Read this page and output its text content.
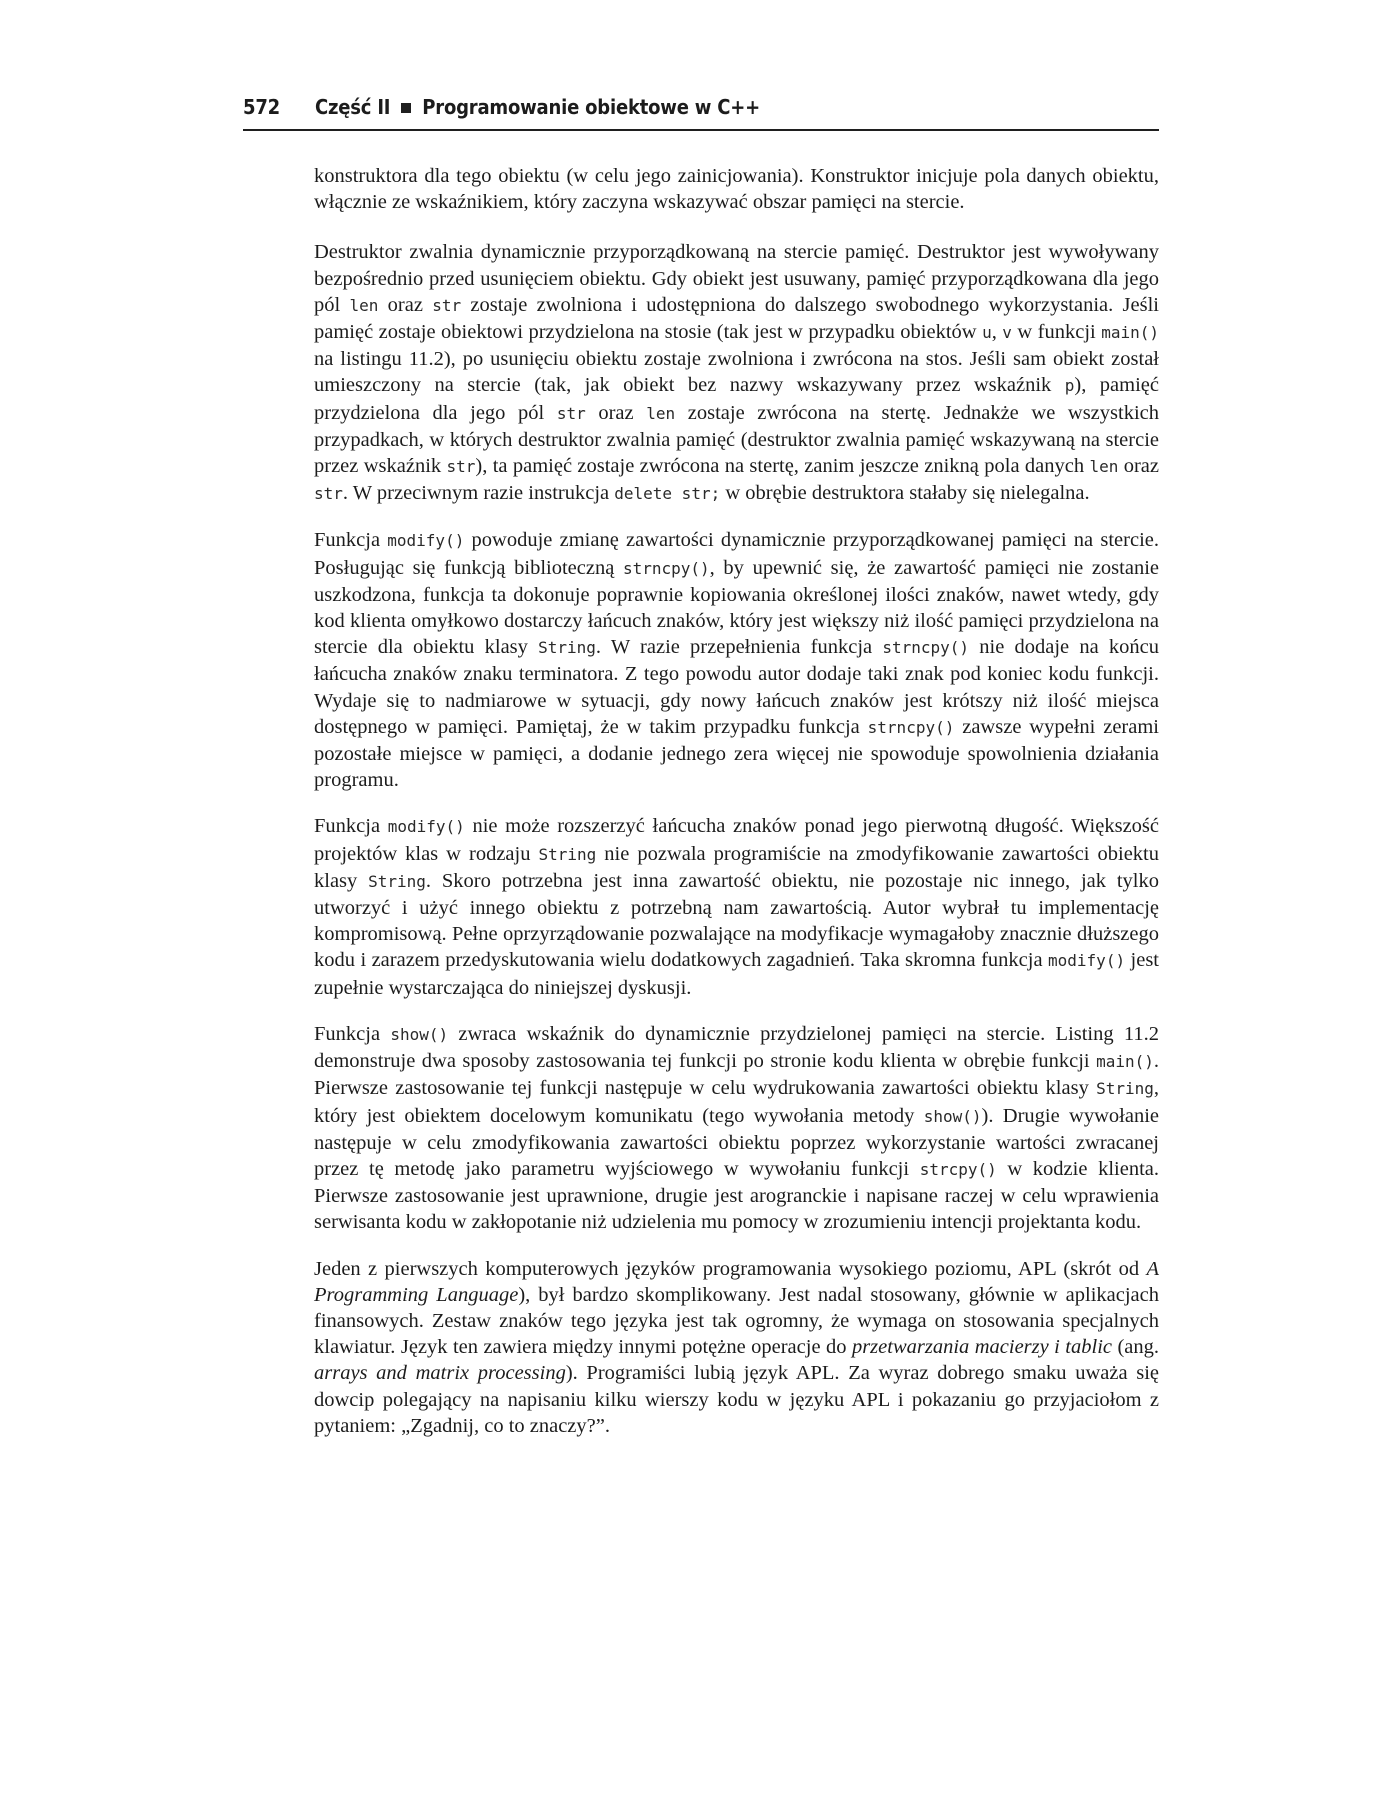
572	Część II Programowanie obiektowe w C++

konstruktora dla tego obiektu (w celu jego zainicjowania). Konstruktor inicjuje pola danych obiektu, włącznie ze wskaźnikiem, który zaczyna wskazywać obszar pamięci na stercie.

Destruktor zwalnia dynamicznie przyporządkowaną na stercie pamięć. Destruktor jest wywoływany bezpośrednio przed usunięciem obiektu. Gdy obiekt jest usuwany, pamięć przyporządkowana dla jego pól len oraz str zostaje zwolniona i udostępniona do dalszego swobodnego wykorzystania. Jeśli pamięć zostaje obiektowi przydzielona na stosie (tak jest w przypadku obiektów u, v w funkcji main() na listingu 11.2), po usunięciu obiektu zostaje zwolniona i zwrócona na stos. Jeśli sam obiekt został umieszczony na stercie (tak, jak obiekt bez nazwy wskazywany przez wskaźnik p), pamięć przydzielona dla jego pól str oraz len zostaje zwrócona na stertę. Jednakże we wszystkich przypadkach, w których destruktor zwalnia pamięć (destruktor zwalnia pamięć wskazywaną na stercie przez wskaźnik str), ta pamięć zostaje zwrócona na stertę, zanim jeszcze znikną pola danych len oraz str. W przeciwnym razie instrukcja delete str; w obrębie destruktora stałaby się nielegalna.

Funkcja modify() powoduje zmianę zawartości dynamicznie przyporządkowanej pamięci na stercie. Posługując się funkcją biblioteczną strncpy(), by upewnić się, że zawartość pamięci nie zostanie uszkodzona, funkcja ta dokonuje poprawnie kopiowania określonej ilości znaków, nawet wtedy, gdy kod klienta omyłkowo dostarczy łańcuch znaków, który jest większy niż ilość pamięci przydzielona na stercie dla obiektu klasy String. W razie przepełnienia funkcja strncpy() nie dodaje na końcu łańcucha znaków znaku terminatora. Z tego powodu autor dodaje taki znak pod koniec kodu funkcji. Wydaje się to nadmiarowe w sytuacji, gdy nowy łańcuch znaków jest krótszy niż ilość miejsca dostępnego w pamięci. Pamiętaj, że w takim przypadku funkcja strncpy() zawsze wypełni zerami pozostałe miejsce w pamięci, a dodanie jednego zera więcej nie spowoduje spowolnienia działania programu.

Funkcja modify() nie może rozszerzyć łańcucha znaków ponad jego pierwotną długość. Większość projektów klas w rodzaju String nie pozwala programiście na zmodyfikowanie zawartości obiektu klasy String. Skoro potrzebna jest inna zawartość obiektu, nie pozostaje nic innego, jak tylko utworzyć i użyć innego obiektu z potrzebną nam zawartością. Autor wybrał tu implementację kompromisową. Pełne oprzyrządowanie pozwalające na modyfikacje wymagałoby znacznie dłuższego kodu i zarazem przedyskutowania wielu dodatkowych zagadnień. Taka skromna funkcja modify() jest zupełnie wystarczająca do niniejszej dyskusji.

Funkcja show() zwraca wskaźnik do dynamicznie przydzielonej pamięci na stercie. Listing 11.2 demonstruje dwa sposoby zastosowania tej funkcji po stronie kodu klienta w obrębie funkcji main(). Pierwsze zastosowanie tej funkcji następuje w celu wydrukowania zawartości obiektu klasy String, który jest obiektem docelowym komunikatu (tego wywołania metody show()). Drugie wywołanie następuje w celu zmodyfikowania zawartości obiektu poprzez wykorzystanie wartości zwracanej przez tę metodę jako parametru wyjściowego w wywołaniu funkcji strcpy() w kodzie klienta. Pierwsze zastosowanie jest uprawnione, drugie jest arogranckie i napisane raczej w celu wprawienia serwisanta kodu w zakłopotanie niż udzielenia mu pomocy w zrozumieniu intencji projektanta kodu.

Jeden z pierwszych komputerowych języków programowania wysokiego poziomu, APL (skrót od A Programming Language), był bardzo skomplikowany. Jest nadal stosowany, głównie w aplikacjach finansowych. Zestaw znaków tego języka jest tak ogromny, że wymaga on stosowania specjalnych klawiatur. Język ten zawiera między innymi potężne operacje do przetwarzania macierzy i tablic (ang. arrays and matrix processing). Programiści lubią język APL. Za wyraz dobrego smaku uważa się dowcip polegający na napisaniu kilku wierszy kodu w języku APL i pokazaniu go przyjaciołom z pytaniem: „Zgadnij, co to znaczy?”.
